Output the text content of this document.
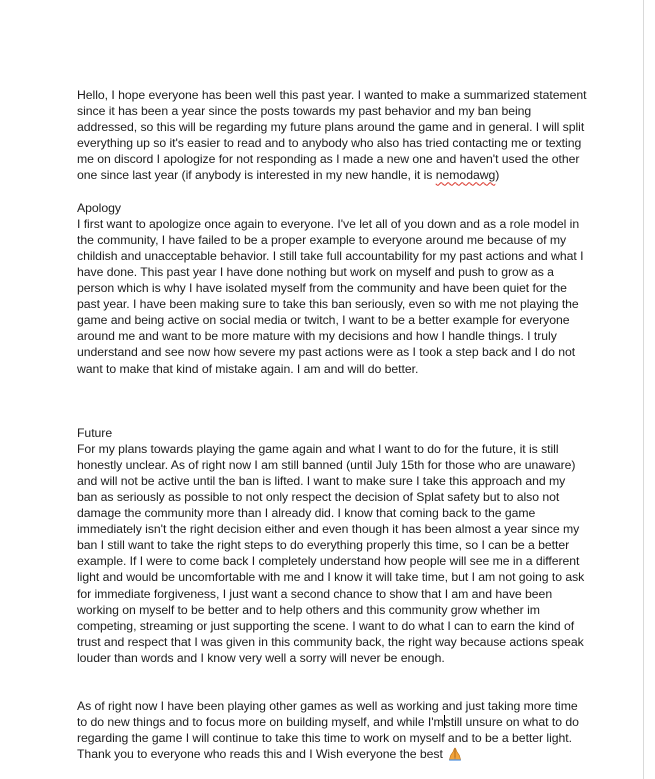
Hello, I hope everyone has been well this past year. I wanted to make a summarized statement since it has been a year since the posts towards my past behavior and my ban being addressed, so this will be regarding my future plans around the game and in general. I will split everything up so it's easier to read and to anybody who also has tried contacting me or texting me on discord I apologize for not responding as I made a new one and haven't used the other one since last year (if anybody is interested in my new handle, it is nemodawg)

Apology
I first want to apologize once again to everyone. I've let all of you down and as a role model in the community, I have failed to be a proper example to everyone around me because of my childish and unacceptable behavior. I still take full accountability for my past actions and what I have done. This past year I have done nothing but work on myself and push to grow as a person which is why I have isolated myself from the community and have been quiet for the past year. I have been making sure to take this ban seriously, even so with me not playing the game and being active on social media or twitch, I want to be a better example for everyone around me and want to be more mature with my decisions and how I handle things. I truly understand and see now how severe my past actions were as I took a step back and I do not want to make that kind of mistake again. I am and will do better.

Future
For my plans towards playing the game again and what I want to do for the future, it is still honestly unclear. As of right now I am still banned (until July 15th for those who are unaware) and will not be active until the ban is lifted. I want to make sure I take this approach and my ban as seriously as possible to not only respect the decision of Splat safety but to also not damage the community more than I already did. I know that coming back to the game immediately isn't the right decision either and even though it has been almost a year since my ban I still want to take the right steps to do everything properly this time, so I can be a better example. If I were to come back I completely understand how people will see me in a different light and would be uncomfortable with me and I know it will take time, but I am not going to ask for immediate forgiveness, I just want a second chance to show that I am and have been working on myself to be better and to help others and this community grow whether im competing, streaming or just supporting the scene. I want to do what I can to earn the kind of trust and respect that I was given in this community back, the right way because actions speak louder than words and I know very well a sorry will never be enough.

As of right now I have been playing other games as well as working and just taking more time to do new things and to focus more on building myself, and while I'mstill unsure on what to do regarding the game I will continue to take this time to work on myself and to be a better light. Thank you to everyone who reads this and I Wish everyone the best
